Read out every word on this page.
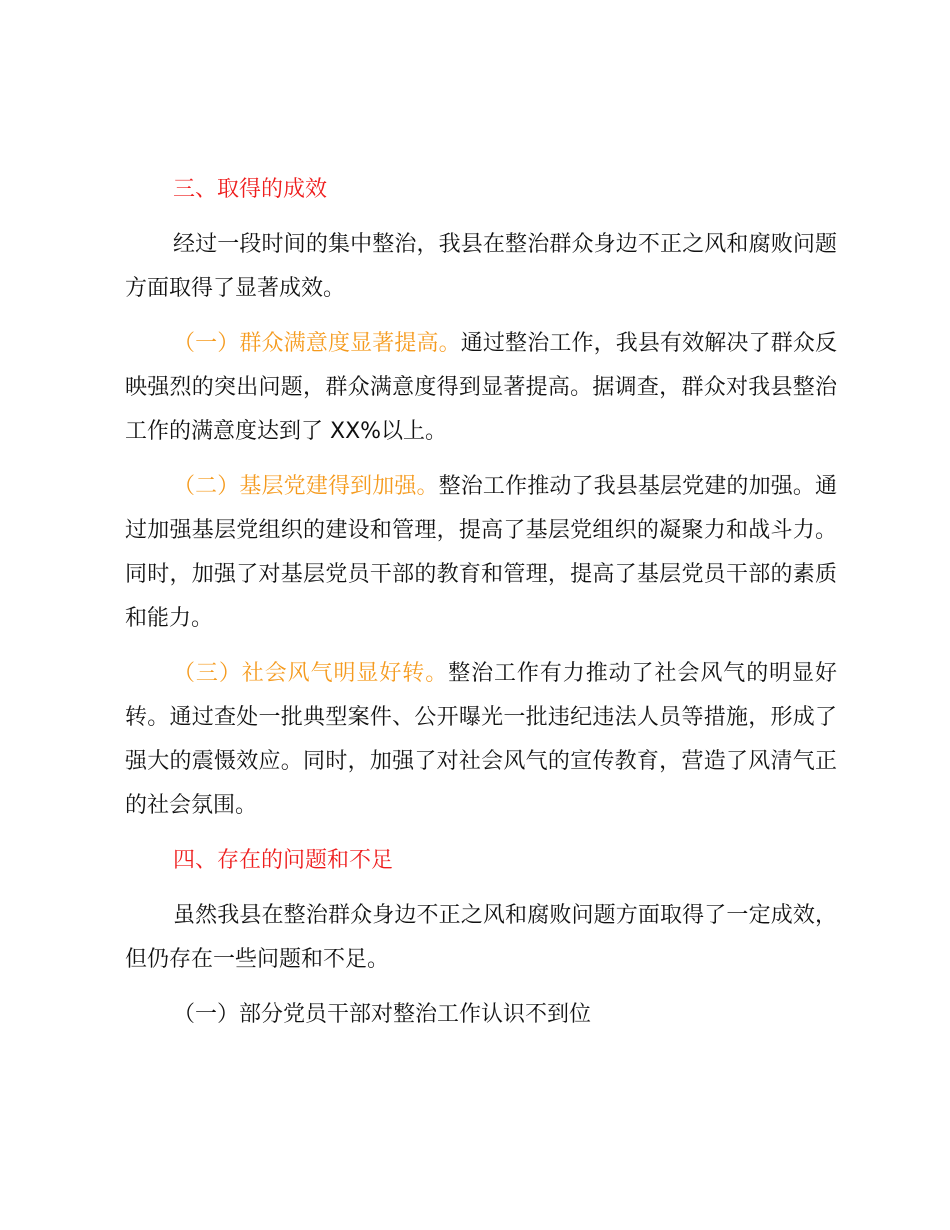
三、取得的成效

经过一段时间的集中整治，我县在整治群众身边不正之风和腐败问题方面取得了显著成效。

（一）群众满意度显著提高。通过整治工作，我县有效解决了群众反映强烈的突出问题，群众满意度得到显著提高。据调查，群众对我县整治工作的满意度达到了 XX%以上。

（二）基层党建得到加强。整治工作推动了我县基层党建的加强。通过加强基层党组织的建设和管理，提高了基层党组织的凝聚力和战斗力。同时，加强了对基层党员干部的教育和管理，提高了基层党员干部的素质和能力。

（三）社会风气明显好转。整治工作有力推动了社会风气的明显好转。通过查处一批典型案件、公开曝光一批违纪违法人员等措施，形成了强大的震慑效应。同时，加强了对社会风气的宣传教育，营造了风清气正的社会氛围。

四、存在的问题和不足

虽然我县在整治群众身边不正之风和腐败问题方面取得了一定成效，但仍存在一些问题和不足。

（一）部分党员干部对整治工作认识不到位
